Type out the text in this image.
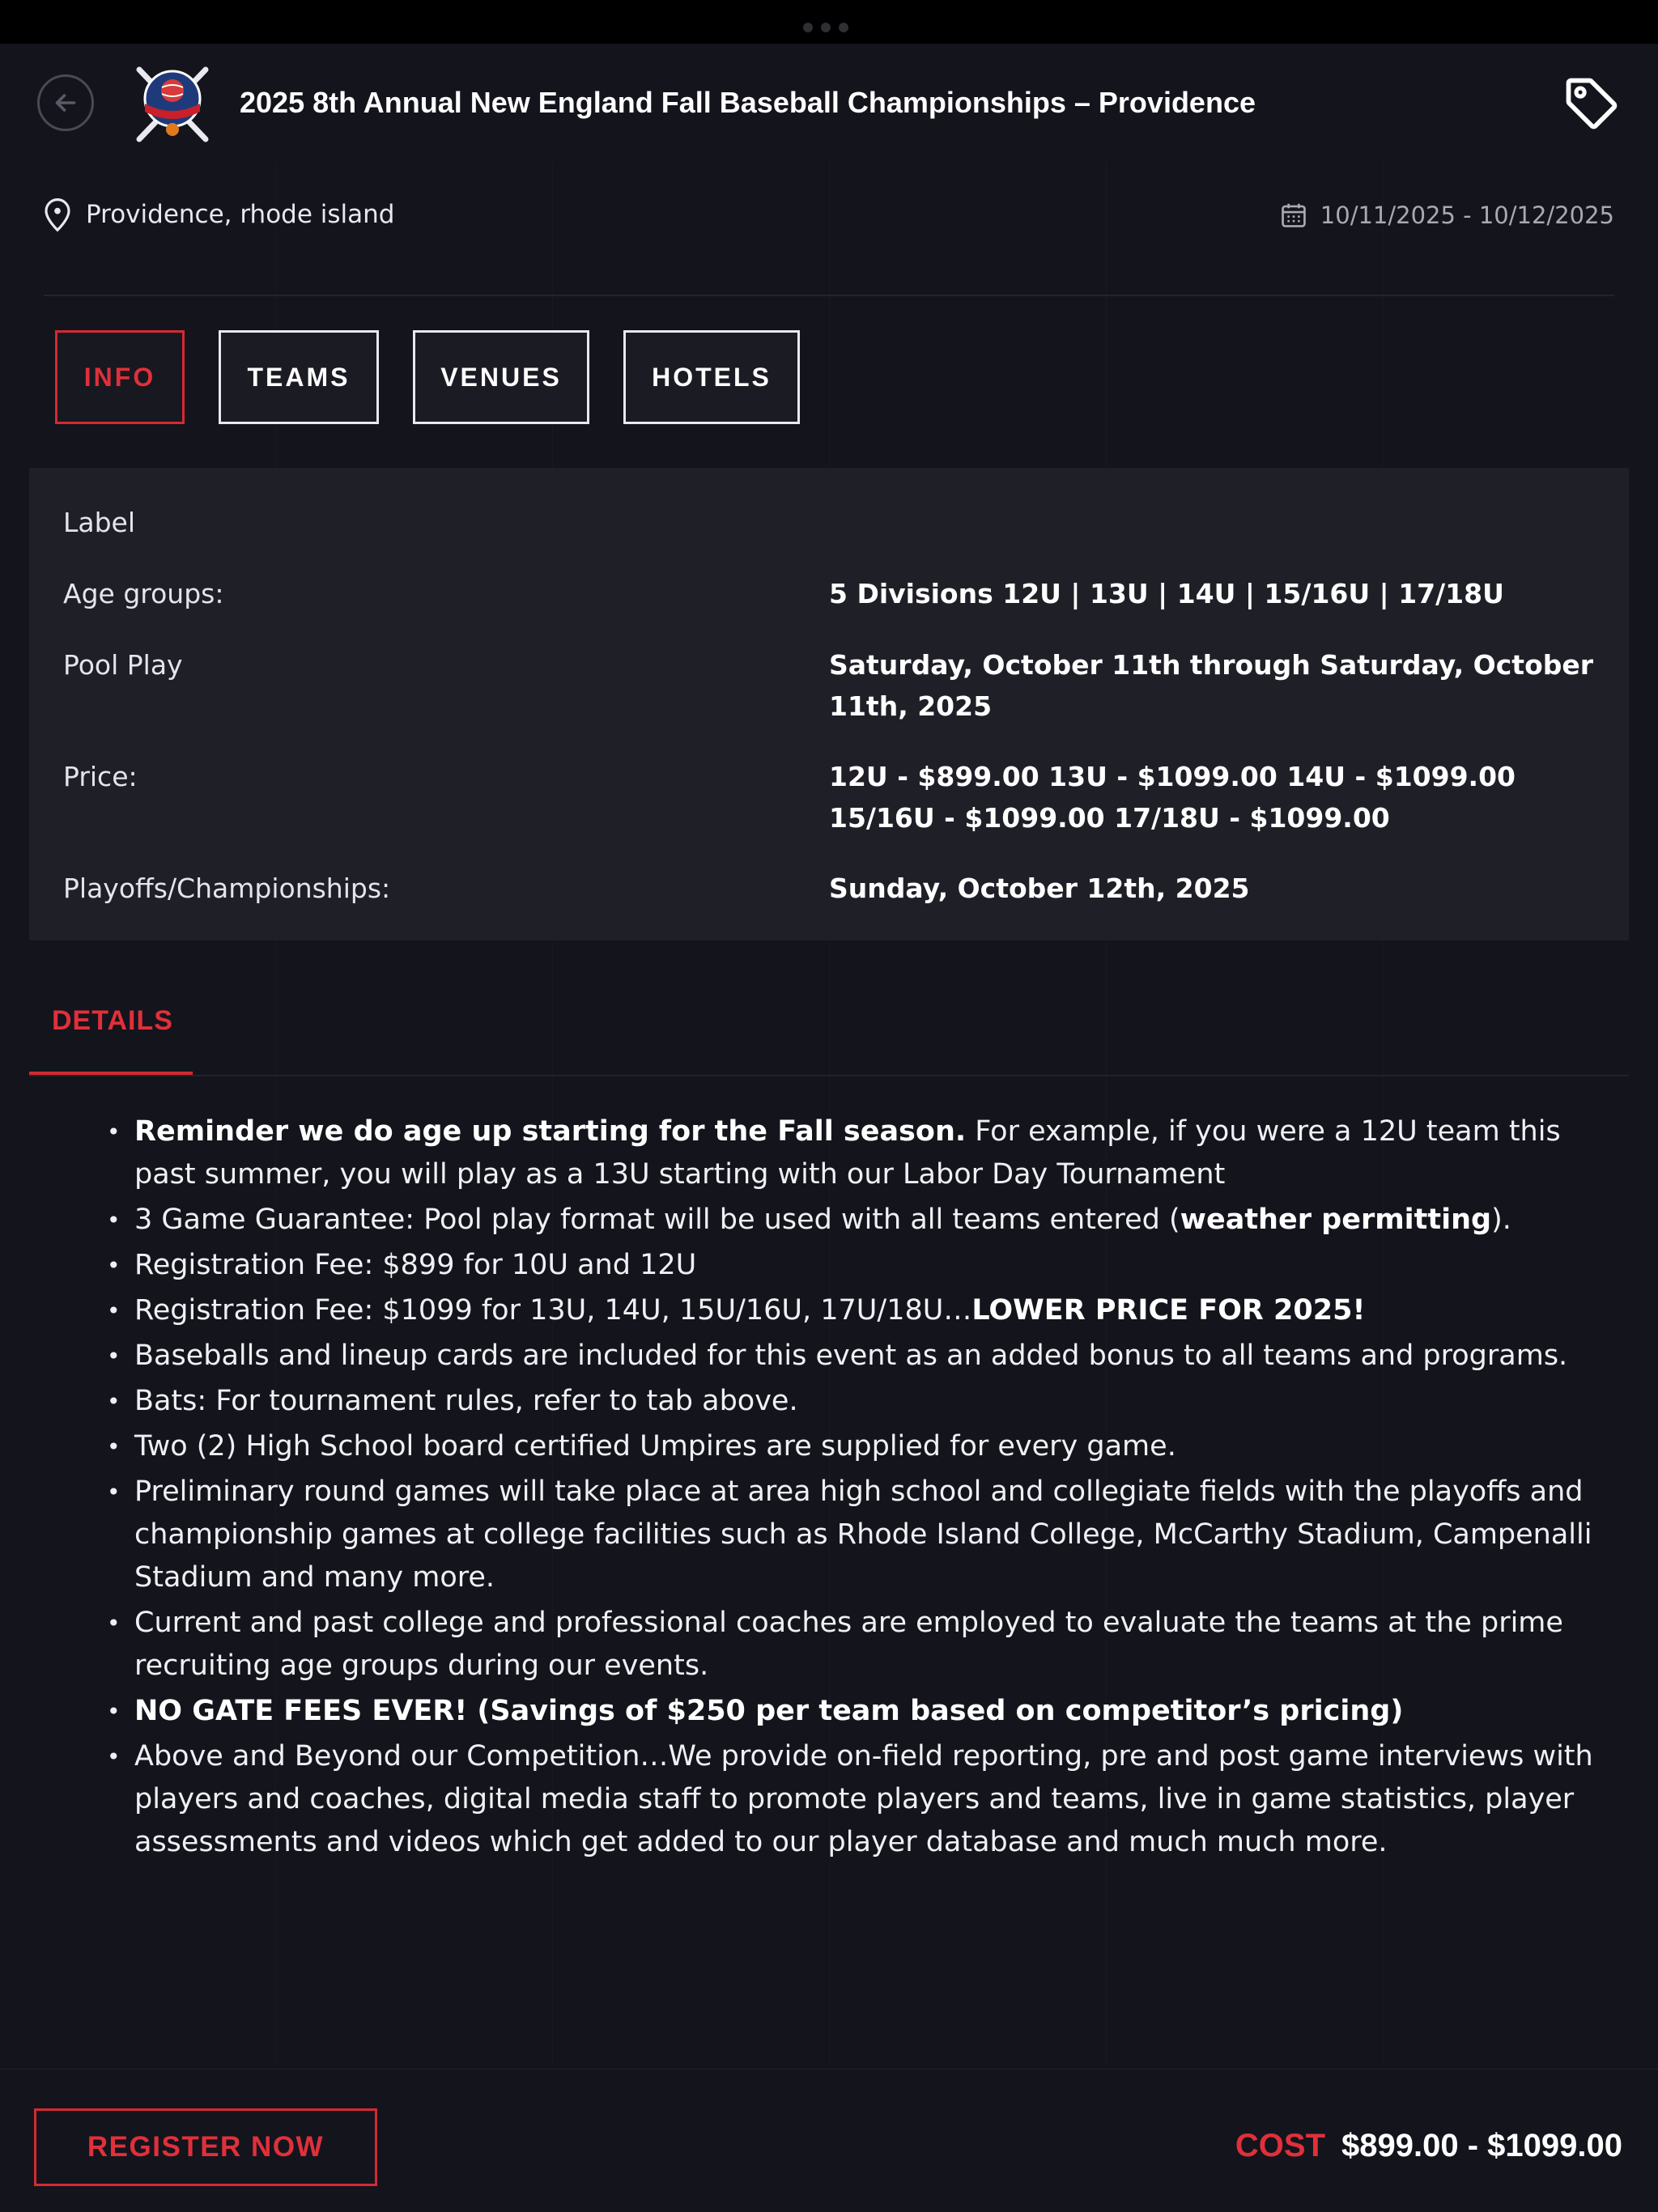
2025 8th Annual New England Fall Baseball Championships – Providence
Providence, rhode island	10/11/2025 - 10/12/2025
INFO	TEAMS	VENUES	HOTELS
Label
Age groups:	5 Divisions 12U | 13U | 14U | 15/16U | 17/18U
Pool Play	Saturday, October 11th through Saturday, October 11th, 2025
Price:	12U - $899.00 13U - $1099.00 14U - $1099.00 15/16U - $1099.00 17/18U - $1099.00
Playoffs/Championships:	Sunday, October 12th, 2025
DETAILS
• Reminder we do age up starting for the Fall season. For example, if you were a 12U team this past summer, you will play as a 13U starting with our Labor Day Tournament
• 3 Game Guarantee: Pool play format will be used with all teams entered (weather permitting).
• Registration Fee: $899 for 10U and 12U
• Registration Fee: $1099 for 13U, 14U, 15U/16U, 17U/18U…LOWER PRICE FOR 2025!
• Baseballs and lineup cards are included for this event as an added bonus to all teams and programs.
• Bats: For tournament rules, refer to tab above.
• Two (2) High School board certified Umpires are supplied for every game.
• Preliminary round games will take place at area high school and collegiate fields with the playoffs and championship games at college facilities such as Rhode Island College, McCarthy Stadium, Campenalli Stadium and many more.
• Current and past college and professional coaches are employed to evaluate the teams at the prime recruiting age groups during our events.
• NO GATE FEES EVER! (Savings of $250 per team based on competitor’s pricing)
• Above and Beyond our Competition…We provide on-field reporting, pre and post game interviews with players and coaches, digital media staff to promote players and teams, live in game statistics, player assessments and videos which get added to our player database and much much more.
REGISTER NOW	COST $899.00 - $1099.00
